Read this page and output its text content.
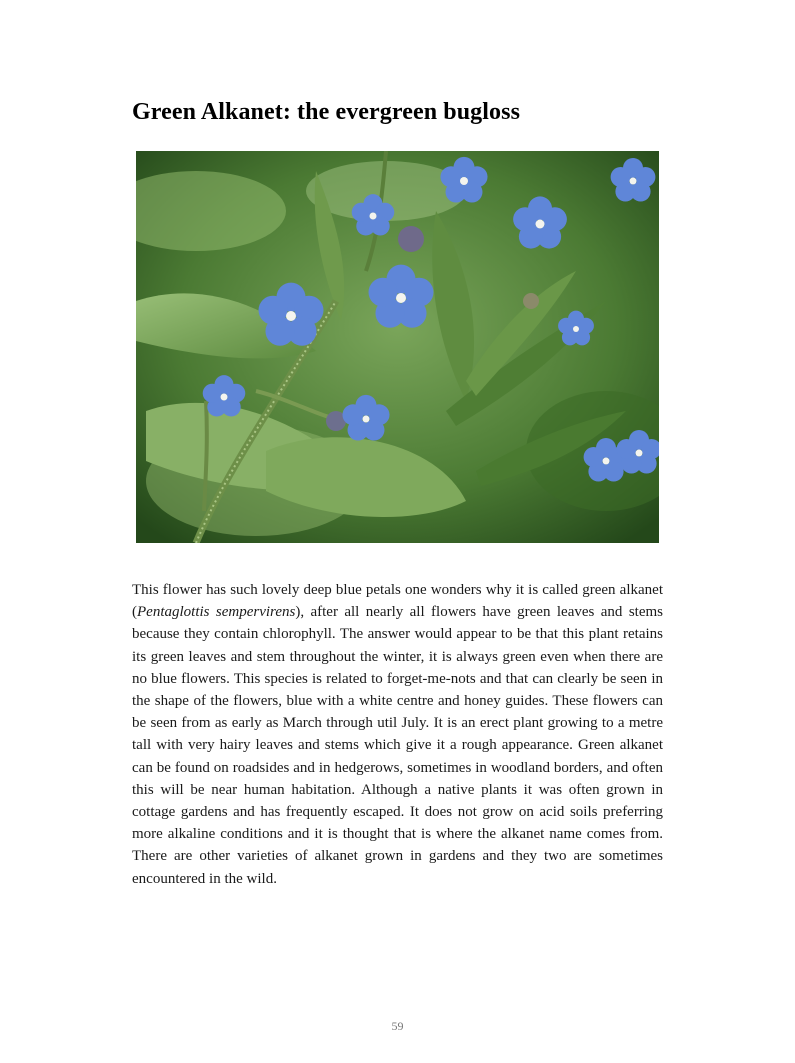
Green Alkanet: the evergreen bugloss

This flower has such lovely deep blue petals one wonders why it is called green alkanet (Pentaglottis sempervirens), after all nearly all flowers have green leaves and stems because they contain chlorophyll. The answer would appear to be that this plant retains its green leaves and stem throughout the winter, it is always green even when there are no blue flowers. This species is related to forget-me-nots and that can clearly be seen in the shape of the flowers, blue with a white centre and honey guides. These flowers can be seen from as early as March through util July. It is an erect plant growing to a metre tall with very hairy leaves and stems which give it a rough appearance. Green alkanet can be found on roadsides and in hedgerows, sometimes in woodland borders, and often this will be near human habitation. Although a native plants it was often grown in cottage gardens and has frequently escaped. It does not grow on acid soils preferring more alkaline conditions and it is thought that is where the alkanet name comes from. There are other varieties of alkanet grown in gardens and they two are sometimes encountered in the wild.

59
